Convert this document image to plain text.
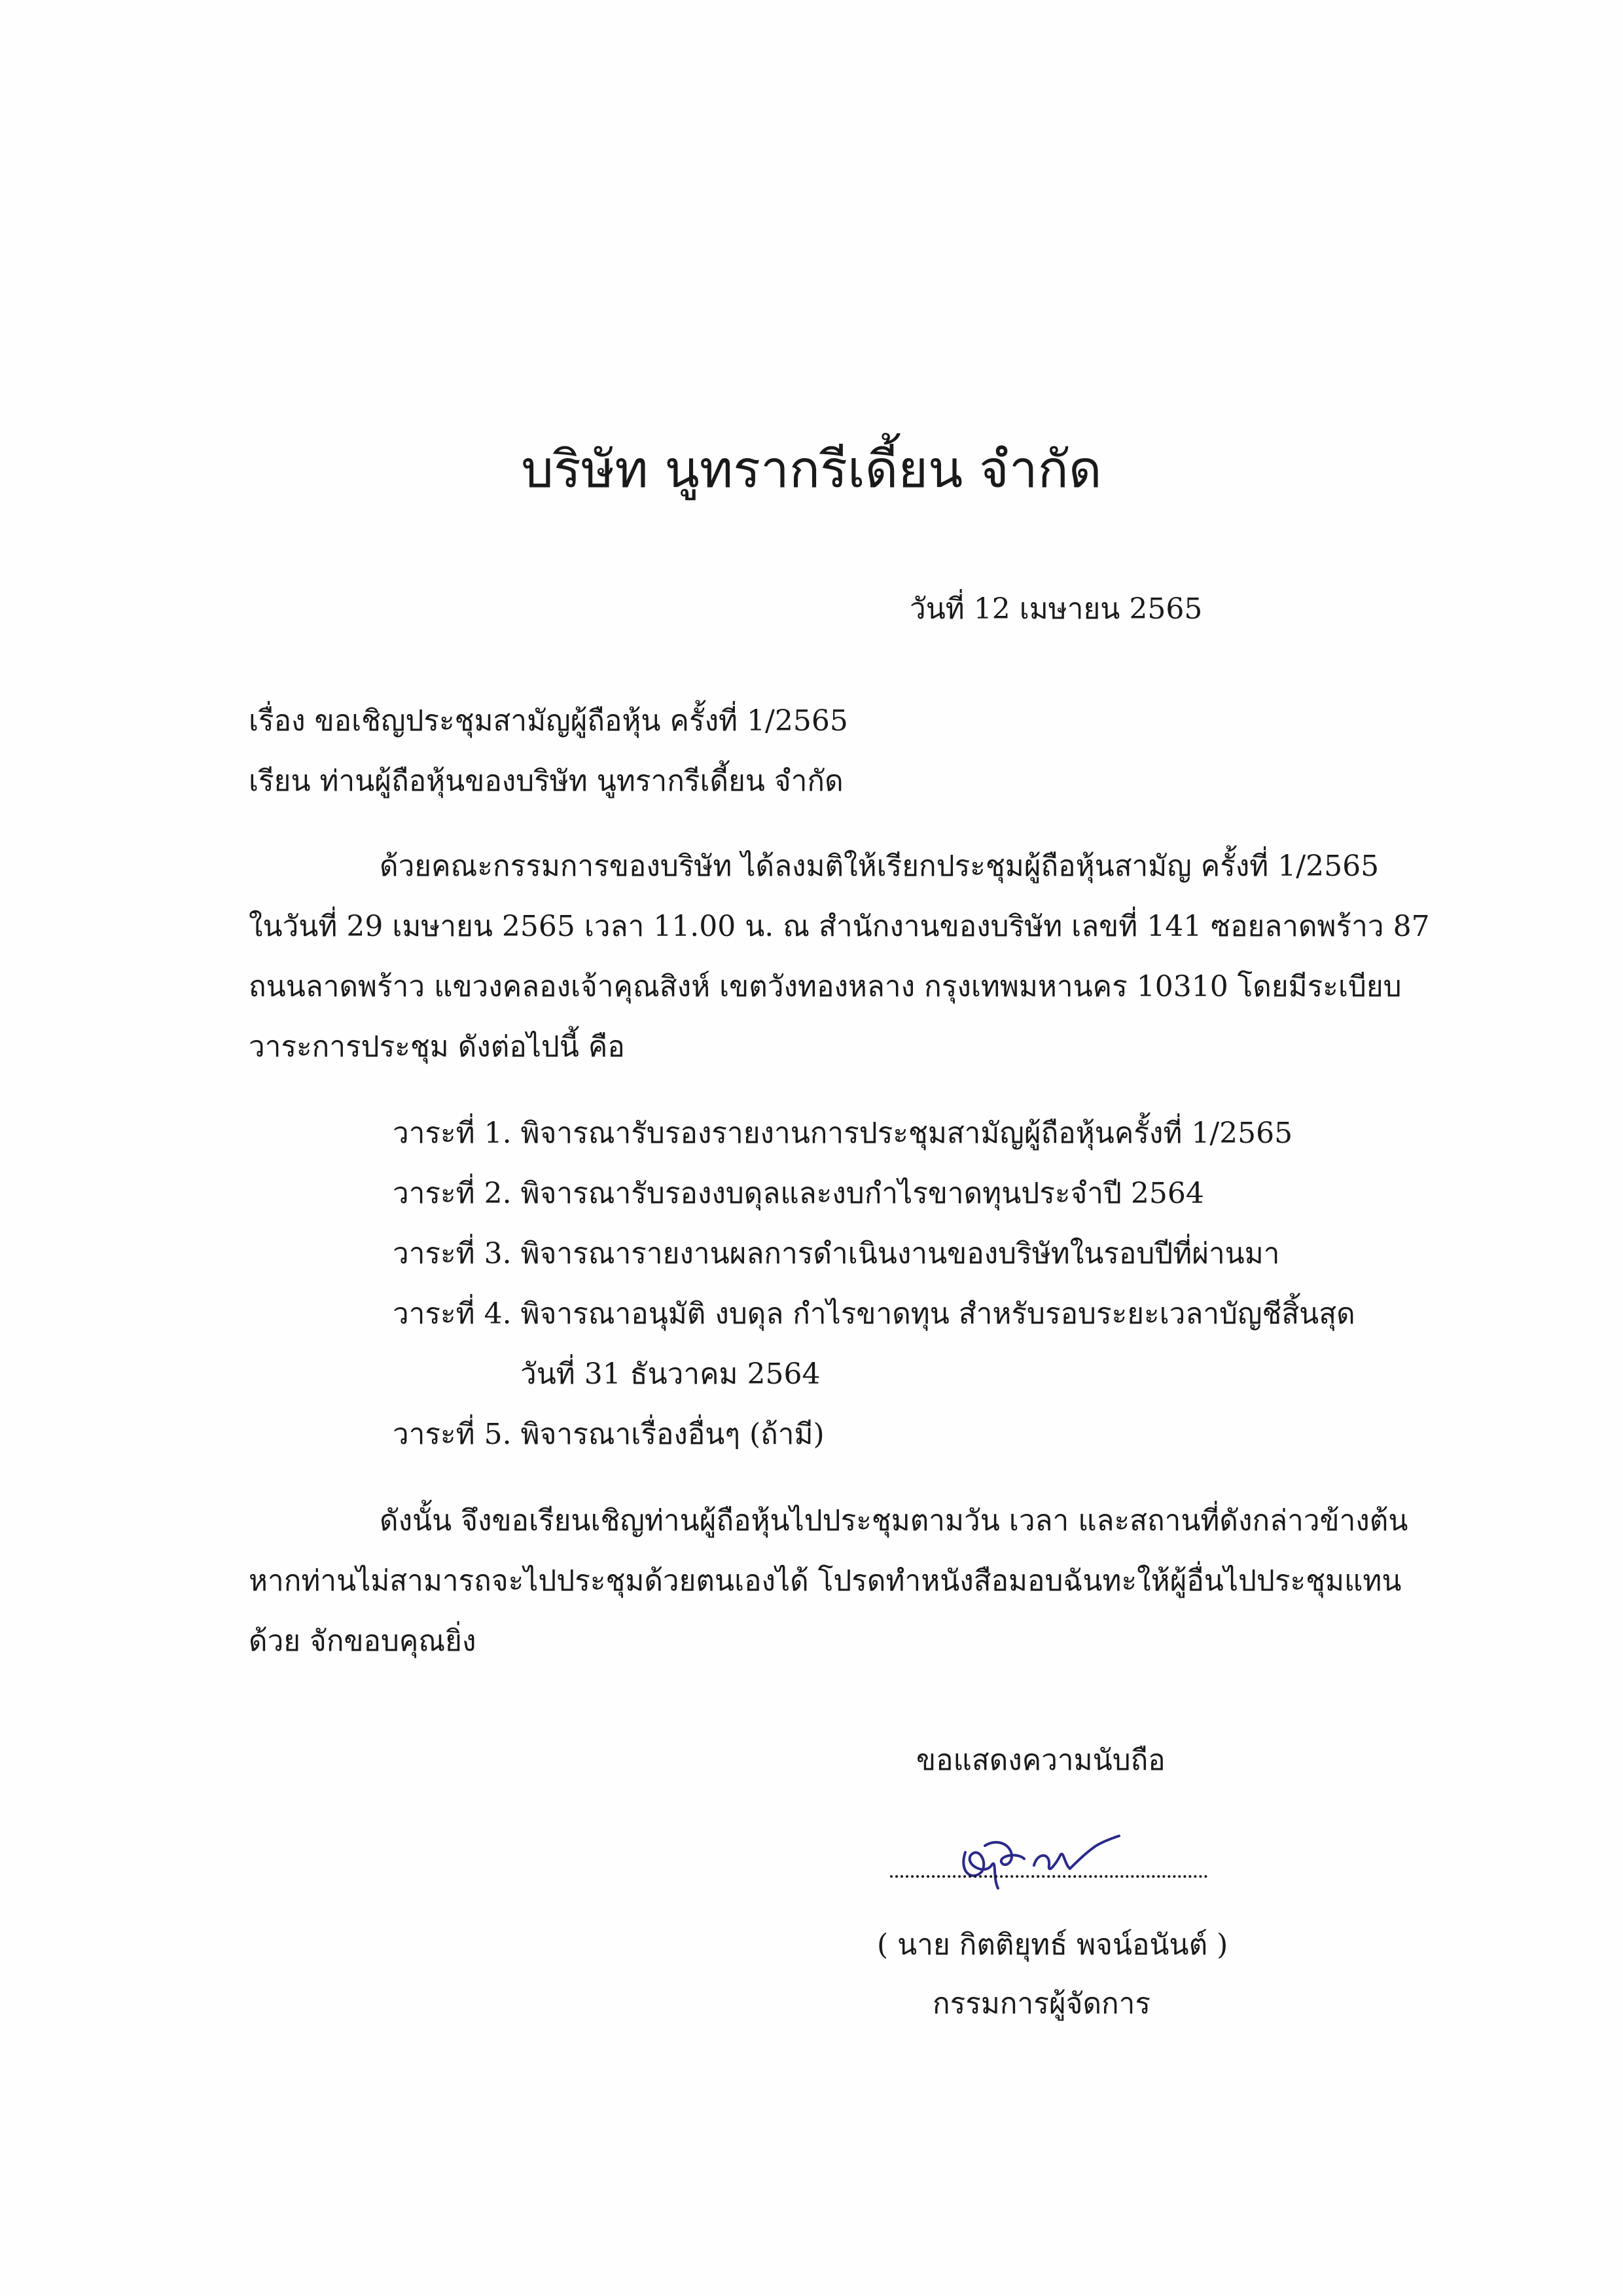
บริษัท นูทรากรีเดี้ยน จำกัด
วันที่ 12 เมษายน 2565
เรื่อง ขอเชิญประชุมสามัญผู้ถือหุ้น ครั้งที่ 1/2565
เรียน ท่านผู้ถือหุ้นของบริษัท นูทรากรีเดี้ยน จำกัด
ด้วยคณะกรรมการของบริษัท ได้ลงมติให้เรียกประชุมผู้ถือหุ้นสามัญ ครั้งที่ 1/2565
ในวันที่ 29 เมษายน 2565 เวลา 11.00 น. ณ สำนักงานของบริษัท เลขที่ 141 ซอยลาดพร้าว 87
ถนนลาดพร้าว แขวงคลองเจ้าคุณสิงห์ เขตวังทองหลาง กรุงเทพมหานคร 10310 โดยมีระเบียบ
วาระการประชุม ดังต่อไปนี้ คือ
วาระที่ 1. พิจารณารับรองรายงานการประชุมสามัญผู้ถือหุ้นครั้งที่ 1/2565
วาระที่ 2. พิจารณารับรองงบดุลและงบกำไรขาดทุนประจำปี 2564
วาระที่ 3. พิจารณารายงานผลการดำเนินงานของบริษัทในรอบปีที่ผ่านมา
วาระที่ 4. พิจารณาอนุมัติ งบดุล กำไรขาดทุน สำหรับรอบระยะเวลาบัญชีสิ้นสุด
วันที่ 31 ธันวาคม 2564
วาระที่ 5. พิจารณาเรื่องอื่นๆ (ถ้ามี)
ดังนั้น จึงขอเรียนเชิญท่านผู้ถือหุ้นไปประชุมตามวัน เวลา และสถานที่ดังกล่าวข้างต้น
หากท่านไม่สามารถจะไปประชุมด้วยตนเองได้ โปรดทำหนังสือมอบฉันทะให้ผู้อื่นไปประชุมแทน
ด้วย จักขอบคุณยิ่ง
ขอแสดงความนับถือ
( นาย กิตติยุทธ์ พจน์อนันต์ )
กรรมการผู้จัดการ
